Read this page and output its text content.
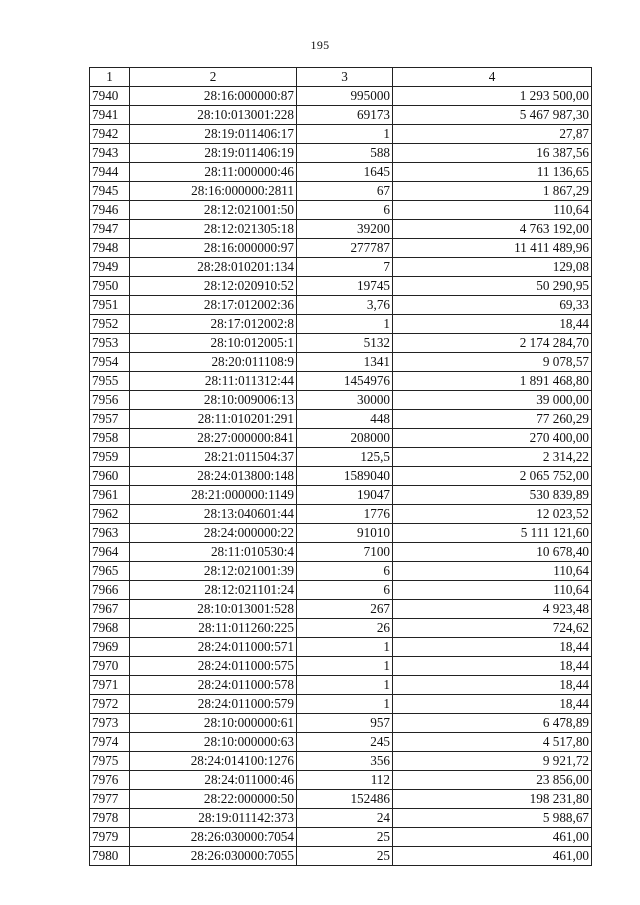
195
1	2	3	4
7940	28:16:000000:87	995000	1 293 500,00
7941	28:10:013001:228	69173	5 467 987,30
7942	28:19:011406:17	1	27,87
7943	28:19:011406:19	588	16 387,56
7944	28:11:000000:46	1645	11 136,65
7945	28:16:000000:2811	67	1 867,29
7946	28:12:021001:50	6	110,64
7947	28:12:021305:18	39200	4 763 192,00
7948	28:16:000000:97	277787	11 411 489,96
7949	28:28:010201:134	7	129,08
7950	28:12:020910:52	19745	50 290,95
7951	28:17:012002:36	3,76	69,33
7952	28:17:012002:8	1	18,44
7953	28:10:012005:1	5132	2 174 284,70
7954	28:20:011108:9	1341	9 078,57
7955	28:11:011312:44	1454976	1 891 468,80
7956	28:10:009006:13	30000	39 000,00
7957	28:11:010201:291	448	77 260,29
7958	28:27:000000:841	208000	270 400,00
7959	28:21:011504:37	125,5	2 314,22
7960	28:24:013800:148	1589040	2 065 752,00
7961	28:21:000000:1149	19047	530 839,89
7962	28:13:040601:44	1776	12 023,52
7963	28:24:000000:22	91010	5 111 121,60
7964	28:11:010530:4	7100	10 678,40
7965	28:12:021001:39	6	110,64
7966	28:12:021101:24	6	110,64
7967	28:10:013001:528	267	4 923,48
7968	28:11:011260:225	26	724,62
7969	28:24:011000:571	1	18,44
7970	28:24:011000:575	1	18,44
7971	28:24:011000:578	1	18,44
7972	28:24:011000:579	1	18,44
7973	28:10:000000:61	957	6 478,89
7974	28:10:000000:63	245	4 517,80
7975	28:24:014100:1276	356	9 921,72
7976	28:24:011000:46	112	23 856,00
7977	28:22:000000:50	152486	198 231,80
7978	28:19:011142:373	24	5 988,67
7979	28:26:030000:7054	25	461,00
7980	28:26:030000:7055	25	461,00
